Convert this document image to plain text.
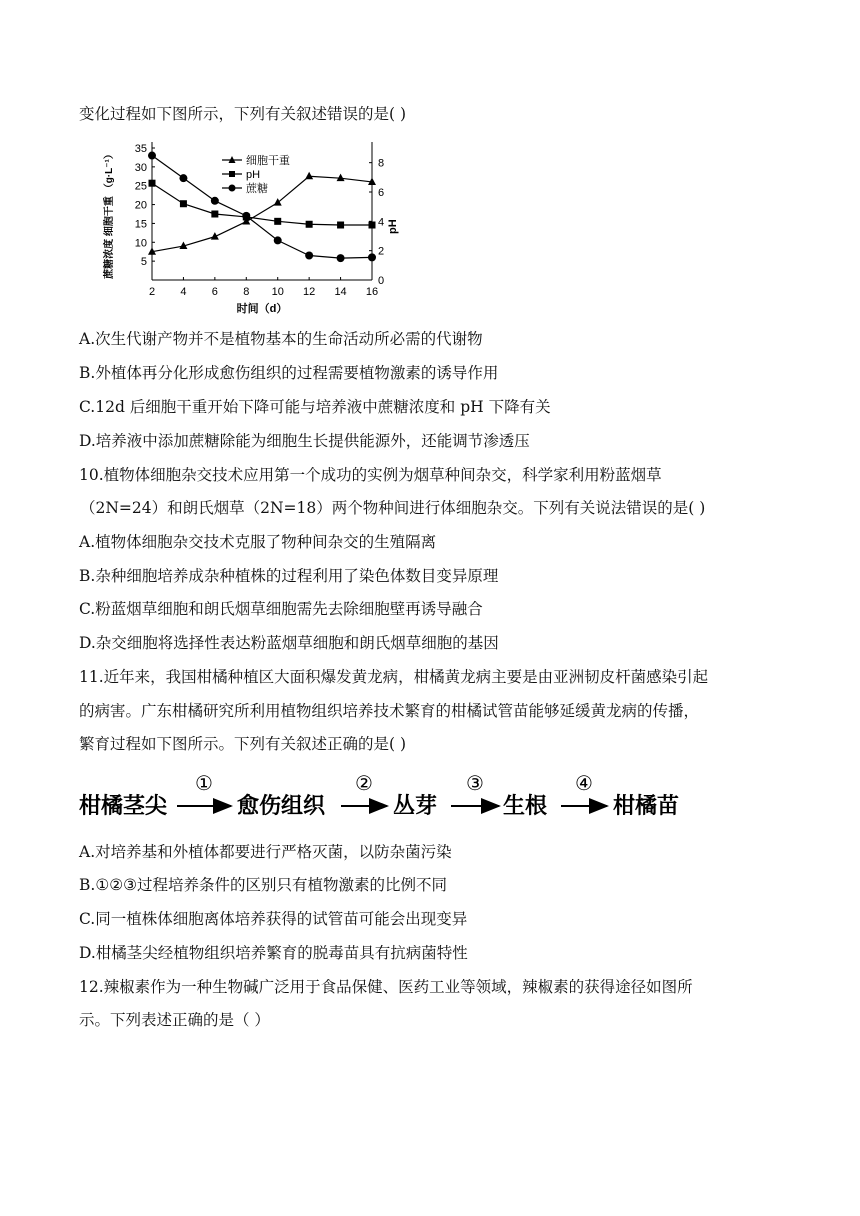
变化过程如下图所示，下列有关叙述错误的是( )
2 4 6 8 10 12 14 16
5
10
15
20
25
30
35
0
2
4
6
8
时间（d）
pH
蔗糖浓度 细胞干重 （g·L⁻¹）	细胞干重
pH
蔗糖
A.次生代谢产物并不是植物基本的生命活动所必需的代谢物
B.外植体再分化形成愈伤组织的过程需要植物激素的诱导作用
C.12d 后细胞干重开始下降可能与培养液中蔗糖浓度和 pH 下降有关
D.培养液中添加蔗糖除能为细胞生长提供能源外，还能调节渗透压
10.植物体细胞杂交技术应用第一个成功的实例为烟草种间杂交，科学家利用粉蓝烟草
（2N=24）和朗氏烟草（2N=18）两个物种间进行体细胞杂交。下列有关说法错误的是( )
A.植物体细胞杂交技术克服了物种间杂交的生殖隔离
B.杂种细胞培养成杂种植株的过程利用了染色体数目变异原理
C.粉蓝烟草细胞和朗氏烟草细胞需先去除细胞壁再诱导融合
D.杂交细胞将选择性表达粉蓝烟草细胞和朗氏烟草细胞的基因
11.近年来，我国柑橘种植区大面积爆发黄龙病，柑橘黄龙病主要是由亚洲韧皮杆菌感染引起
的病害。广东柑橘研究所利用植物组织培养技术繁育的柑橘试管苗能够延缓黄龙病的传播，
繁育过程如下图所示。下列有关叙述正确的是( )
柑橘茎尖
①
愈伤组织
②
丛芽
③
生根
④
柑橘苗
A.对培养基和外植体都要进行严格灭菌，以防杂菌污染
B.①②③过程培养条件的区别只有植物激素的比例不同
C.同一植株体细胞离体培养获得的试管苗可能会出现变异
D.柑橘茎尖经植物组织培养繁育的脱毒苗具有抗病菌特性
12.辣椒素作为一种生物碱广泛用于食品保健、医药工业等领域，辣椒素的获得途径如图所
示。下列表述正确的是（ ）
